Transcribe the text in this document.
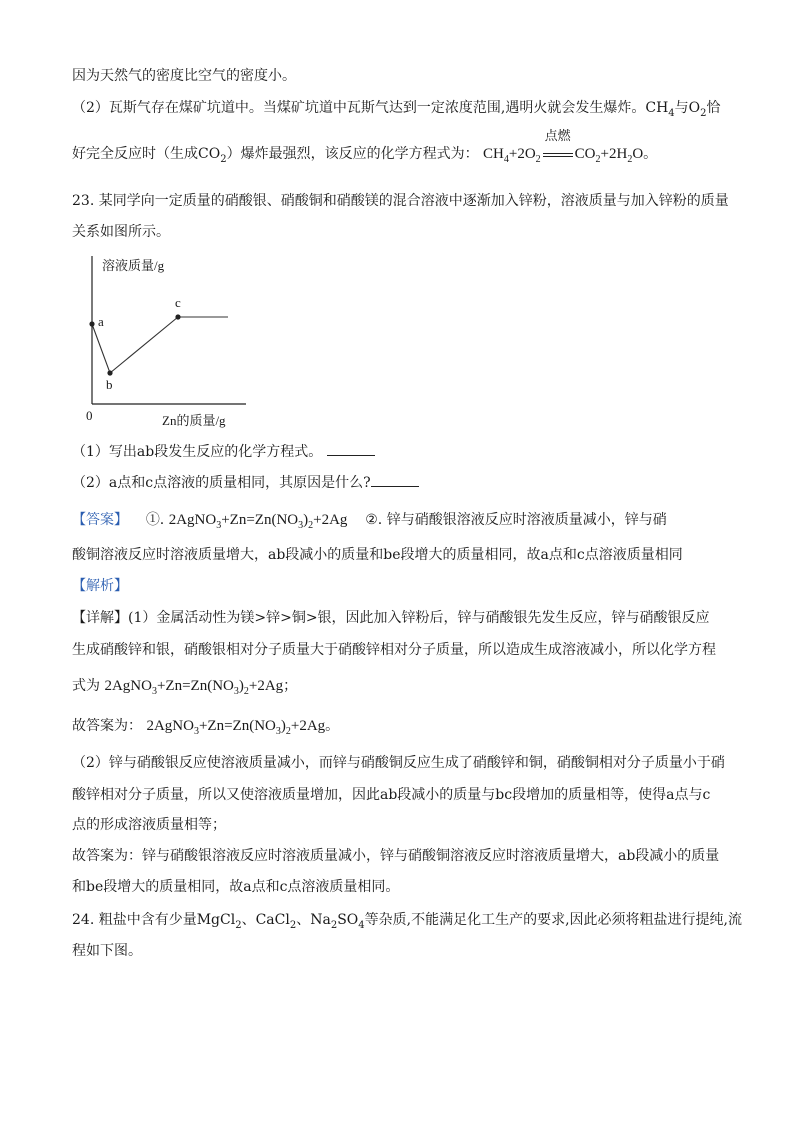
因为天然气的密度比空气的密度小。
（2）瓦斯气存在煤矿坑道中。当煤矿坑道中瓦斯气达到一定浓度范围,遇明火就会发生爆炸。$CH_4$与$O_2$恰
好完全反应时（生成$CO_2$）爆炸最强烈，该反应的化学方程式为： $CH_4+2O_2$
点燃
$CO_2+2H_2O$。
23. 某同学向一定质量的硝酸银、硝酸铜和硝酸镁的混合溶液中逐渐加入锌粉，溶液质量与加入锌粉的质量
关系如图所示。
溶液质量/g
Zn的质量/g
0
a
b
c
（1）写出ab段发生反应的化学方程式。
（2）a点和c点溶液的质量相同，其原因是什么?
【答案】 ①. $2AgNO_3+Zn=Zn(NO_3)_2+2Ag$ ②. 锌与硝酸银溶液反应时溶液质量减小，锌与硝
酸铜溶液反应时溶液质量增大，ab段减小的质量和be段增大的质量相同，故a点和c点溶液质量相同
【解析】
【详解】(1）金属活动性为镁>锌>铜>银，因此加入锌粉后，锌与硝酸银先发生反应，锌与硝酸银反应
生成硝酸锌和银，硝酸银相对分子质量大于硝酸锌相对分子质量，所以造成生成溶液减小，所以化学方程
式为 $2AgNO_3+Zn=Zn(NO_3)_2+2Ag$；
故答案为： $2AgNO_3+Zn=Zn(NO_3)_2+2Ag$。
（2）锌与硝酸银反应使溶液质量减小，而锌与硝酸铜反应生成了硝酸锌和铜，硝酸铜相对分子质量小于硝
酸锌相对分子质量，所以又使溶液质量增加，因此ab段减小的质量与bc段增加的质量相等，使得a点与c
点的形成溶液质量相等；
故答案为：锌与硝酸银溶液反应时溶液质量减小，锌与硝酸铜溶液反应时溶液质量增大，ab段减小的质量
和be段增大的质量相同，故a点和c点溶液质量相同。
24. 粗盐中含有少量MgCl$_2$、CaCl$_2$、$Na_2SO_4$等杂质,不能满足化工生产的要求,因此必须将粗盐进行提纯,流
程如下图。
